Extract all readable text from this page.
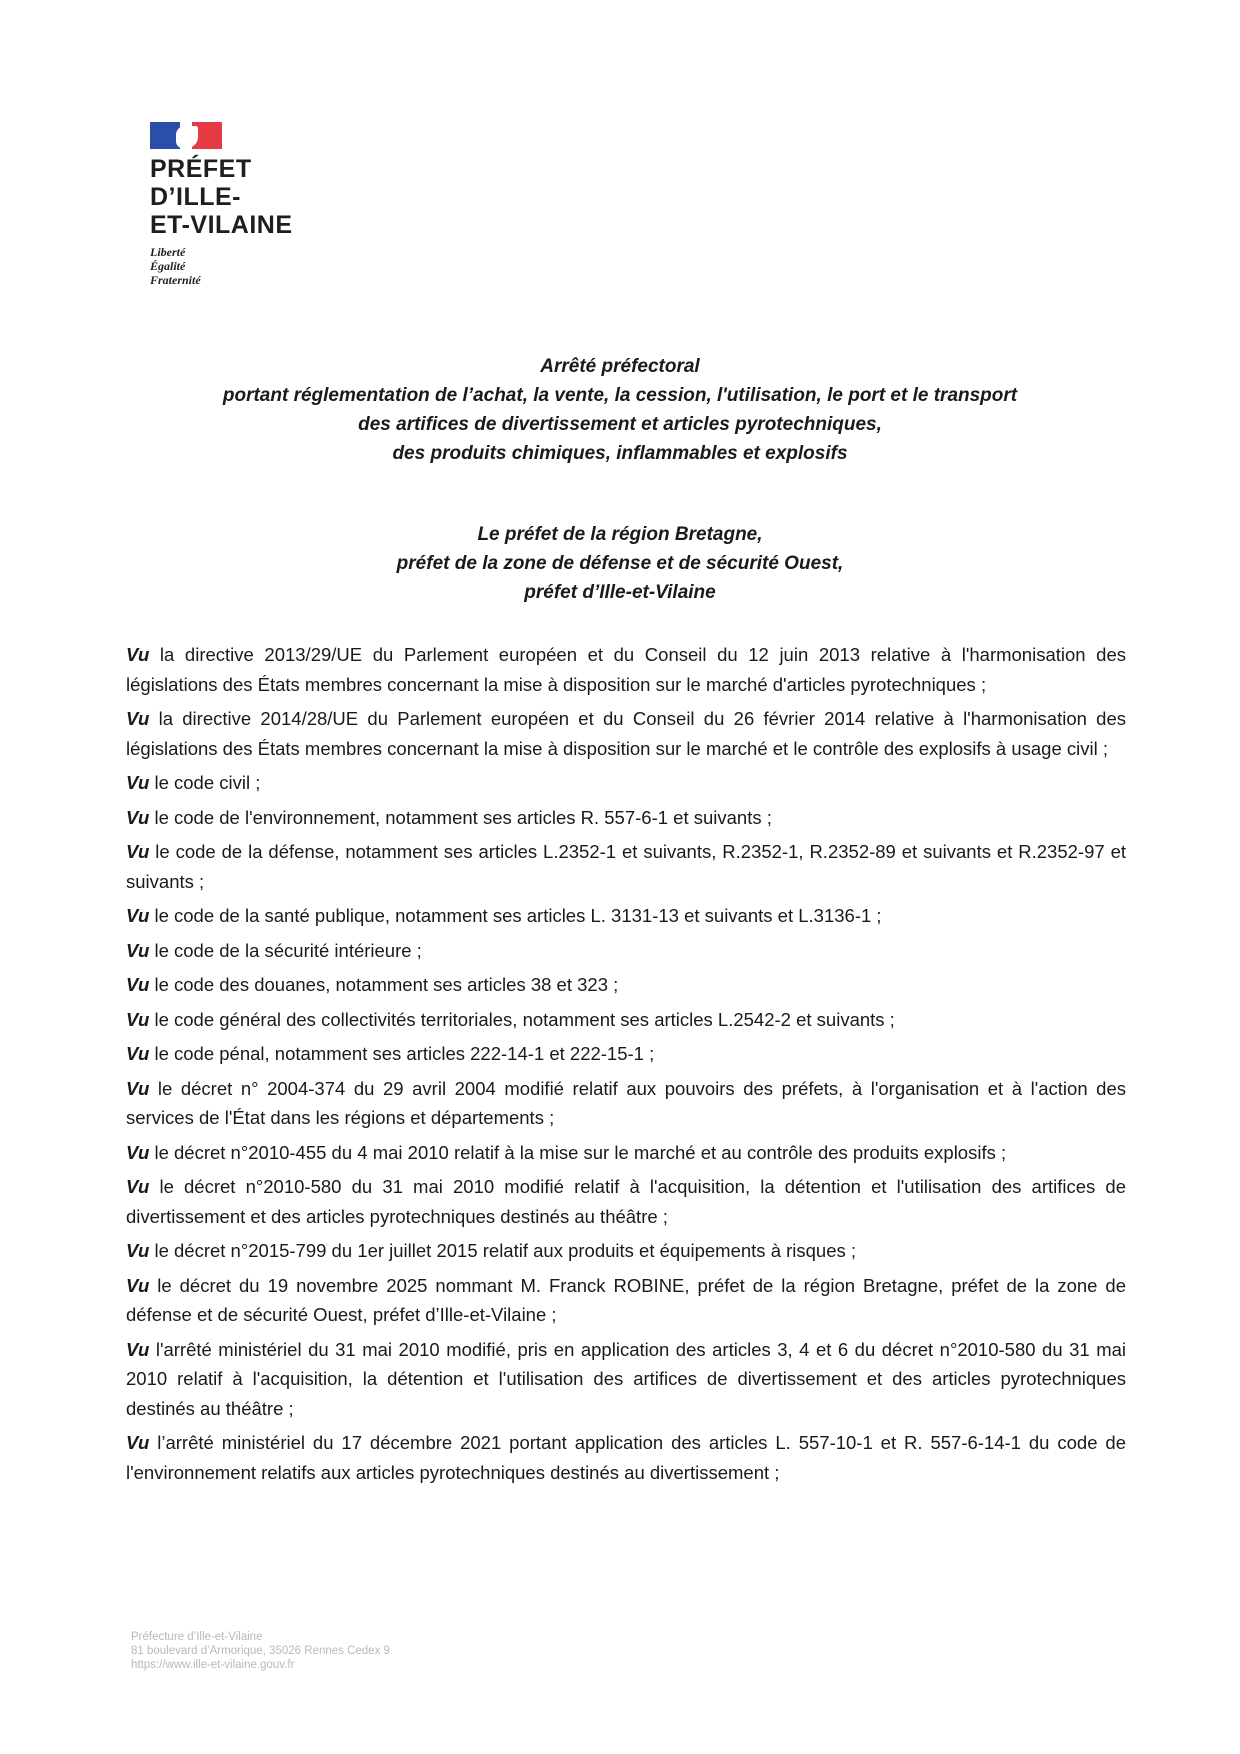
PRÉFET
D’ILLE-
ET-VILAINE
Liberté
Égalité
Fraternité
Arrêté préfectoral
portant réglementation de l’achat, la vente, la cession, l'utilisation, le port et le transport
des artifices de divertissement et articles pyrotechniques,
des produits chimiques, inflammables et explosifs
Le préfet de la région Bretagne,
préfet de la zone de défense et de sécurité Ouest,
préfet d’Ille-et-Vilaine

Vu la directive 2013/29/UE du Parlement européen et du Conseil du 12 juin 2013 relative à l'harmonisation des législations des États membres concernant la mise à disposition sur le marché d'articles pyrotechniques ;

Vu la directive 2014/28/UE du Parlement européen et du Conseil du 26 février 2014 relative à l'harmonisation des législations des États membres concernant la mise à disposition sur le marché et le contrôle des explosifs à usage civil ;

Vu le code civil ;

Vu le code de l'environnement, notamment ses articles R. 557-6-1 et suivants ;

Vu le code de la défense, notamment ses articles L.2352-1 et suivants, R.2352-1, R.2352-89 et suivants et R.2352-97 et suivants ;

Vu le code de la santé publique, notamment ses articles L. 3131-13 et suivants et L.3136-1 ;

Vu le code de la sécurité intérieure ;

Vu le code des douanes, notamment ses articles 38 et 323 ;

Vu le code général des collectivités territoriales, notamment ses articles L.2542-2 et suivants ;

Vu le code pénal, notamment ses articles 222-14-1 et 222-15-1 ;

Vu le décret n° 2004-374 du 29 avril 2004 modifié relatif aux pouvoirs des préfets, à l'organisation et à l'action des services de l'État dans les régions et départements ;

Vu le décret n°2010-455 du 4 mai 2010 relatif à la mise sur le marché et au contrôle des produits explosifs ;

Vu le décret n°2010-580 du 31 mai 2010 modifié relatif à l'acquisition, la détention et l'utilisation des artifices de divertissement et des articles pyrotechniques destinés au théâtre ;

Vu le décret n°2015-799 du 1er juillet 2015 relatif aux produits et équipements à risques ;

Vu le décret du 19 novembre 2025 nommant M. Franck ROBINE, préfet de la région Bretagne, préfet de la zone de défense et de sécurité Ouest, préfet d’Ille-et-Vilaine ;

Vu l'arrêté ministériel du 31 mai 2010 modifié, pris en application des articles 3, 4 et 6 du décret n°2010-580 du 31 mai 2010 relatif à l'acquisition, la détention et l'utilisation des artifices de divertissement et des articles pyrotechniques destinés au théâtre ;

Vu l’arrêté ministériel du 17 décembre 2021 portant application des articles L. 557-10-1 et R. 557-6-14-1 du code de l'environnement relatifs aux articles pyrotechniques destinés au divertissement ;

Préfecture d’Ille-et-Vilaine
81 boulevard d’Armorique, 35026 Rennes Cedex 9
https://www.ille-et-vilaine.gouv.fr
